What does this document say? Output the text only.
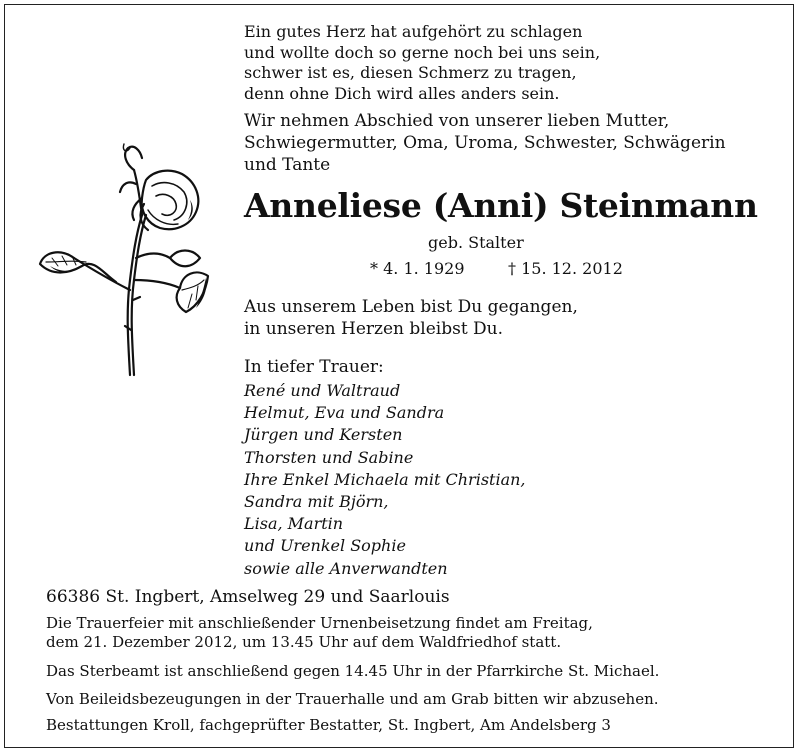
Ein gutes Herz hat aufgehört zu schlagen
und wollte doch so gerne noch bei uns sein,
schwer ist es, diesen Schmerz zu tragen,
denn ohne Dich wird alles anders sein.
Wir nehmen Abschied von unserer lieben Mutter,
Schwiegermutter, Oma, Uroma, Schwester, Schwägerin
und Tante
Anneliese (Anni) Steinmann
geb. Stalter
* 4. 1. 1929	† 15. 12. 2012
Aus unserem Leben bist Du gegangen,
in unseren Herzen bleibst Du.
In tiefer Trauer:
René und Waltraud
Helmut, Eva und Sandra
Jürgen und Kersten
Thorsten und Sabine
Ihre Enkel Michaela mit Christian,
Sandra mit Björn,
Lisa, Martin
und Urenkel Sophie
sowie alle Anverwandten
66386 St. Ingbert, Amselweg 29 und Saarlouis
Die Trauerfeier mit anschließender Urnenbeisetzung findet am Freitag,
dem 21. Dezember 2012, um 13.45 Uhr auf dem Waldfriedhof statt.
Das Sterbeamt ist anschließend gegen 14.45 Uhr in der Pfarrkirche St. Michael.
Von Beileidsbezeugungen in der Trauerhalle und am Grab bitten wir abzusehen.
Bestattungen Kroll, fachgeprüfter Bestatter, St. Ingbert, Am Andelsberg 3
